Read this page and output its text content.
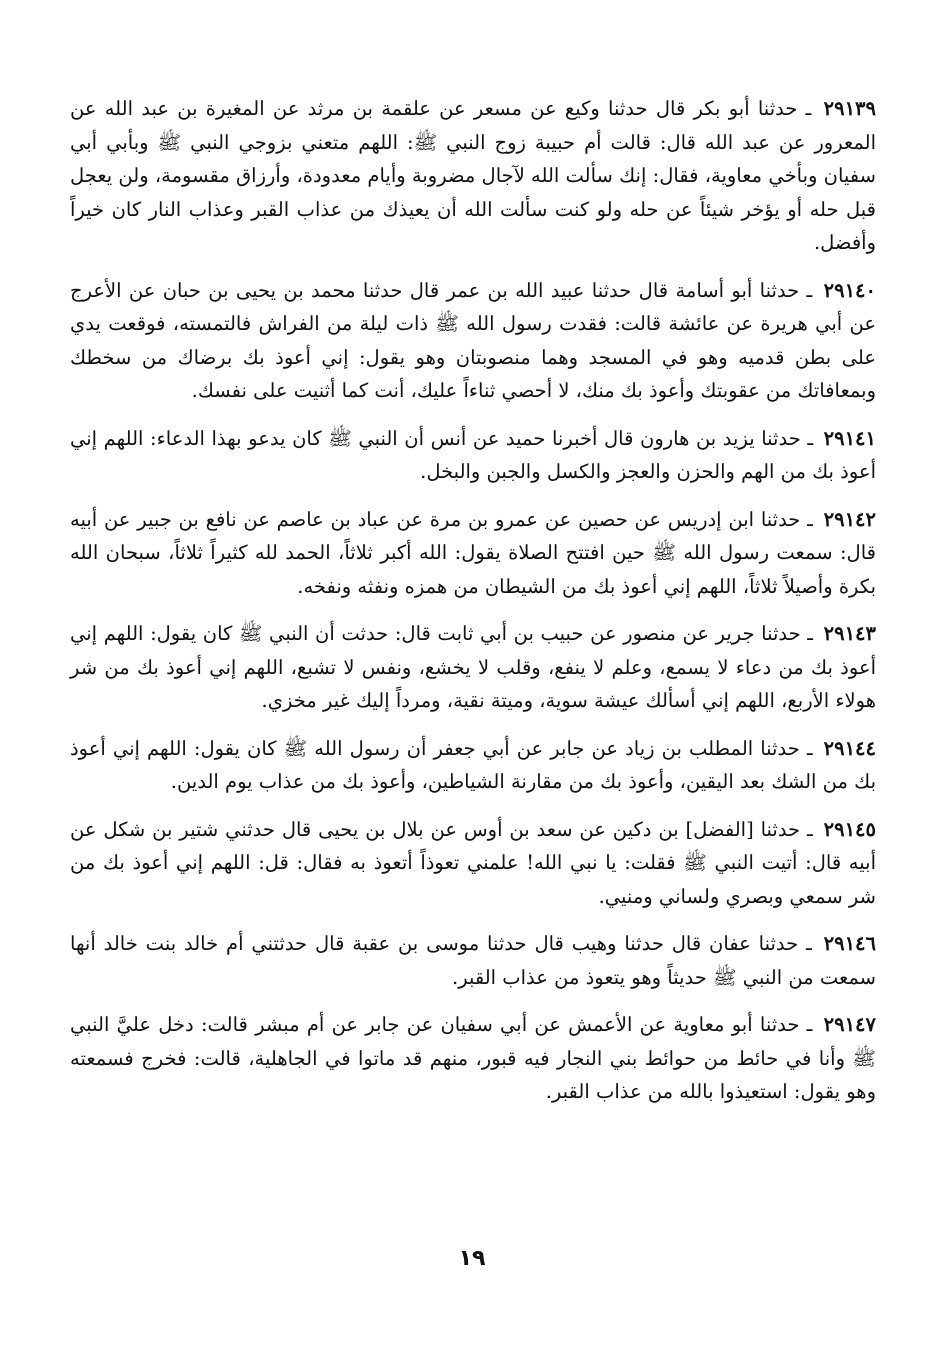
٢٩١٣٩ ـ حدثنا أبو بكر قال حدثنا وكيع عن مسعر عن علقمة بن مرثد عن المغيرة بن عبد الله عن المعرور عن عبد الله قال: قالت أم حبيبة زوج النبي ﷺ: اللهم متعني بزوجي النبي ﷺ وبأبي أبي سفيان وبأخي معاوية، فقال: إنك سألت الله لآجال مضروبة وأيام معدودة، وأرزاق مقسومة، ولن يعجل قبل حله أو يؤخر شيئاً عن حله ولو كنت سألت الله أن يعيذك من عذاب القبر وعذاب النار كان خيراً وأفضل.

٢٩١٤٠ ـ حدثنا أبو أسامة قال حدثنا عبيد الله بن عمر قال حدثنا محمد بن يحيى بن حبان عن الأعرج عن أبي هريرة عن عائشة قالت: فقدت رسول الله ﷺ ذات ليلة من الفراش فالتمسته، فوقعت يدي على بطن قدميه وهو في المسجد وهما منصوبتان وهو يقول: إني أعوذ بك برضاك من سخطك وبمعافاتك من عقوبتك وأعوذ بك منك، لا أحصي ثناءاً عليك، أنت كما أثنيت على نفسك.

٢٩١٤١ ـ حدثنا يزيد بن هارون قال أخبرنا حميد عن أنس أن النبي ﷺ كان يدعو بهذا الدعاء: اللهم إني أعوذ بك من الهم والحزن والعجز والكسل والجبن والبخل.

٢٩١٤٢ ـ حدثنا ابن إدريس عن حصين عن عمرو بن مرة عن عباد بن عاصم عن نافع بن جبير عن أبيه قال: سمعت رسول الله ﷺ حين افتتح الصلاة يقول: الله أكبر ثلاثاً، الحمد لله كثيراً ثلاثاً، سبحان الله بكرة وأصيلاً ثلاثاً، اللهم إني أعوذ بك من الشيطان من همزه ونفثه ونفخه.

٢٩١٤٣ ـ حدثنا جرير عن منصور عن حبيب بن أبي ثابت قال: حدثت أن النبي ﷺ كان يقول: اللهم إني أعوذ بك من دعاء لا يسمع، وعلم لا ينفع، وقلب لا يخشع، ونفس لا تشبع، اللهم إني أعوذ بك من شر هولاء الأربع، اللهم إني أسألك عيشة سوية، وميتة نقية، ومرداً إليك غير مخزي.

٢٩١٤٤ ـ حدثنا المطلب بن زياد عن جابر عن أبي جعفر أن رسول الله ﷺ كان يقول: اللهم إني أعوذ بك من الشك بعد اليقين، وأعوذ بك من مقارنة الشياطين، وأعوذ بك من عذاب يوم الدين.

٢٩١٤٥ ـ حدثنا [الفضل] بن دكين عن سعد بن أوس عن بلال بن يحيى قال حدثني شتير بن شكل عن أبيه قال: أتيت النبي ﷺ فقلت: يا نبي الله! علمني تعوذاً أتعوذ به فقال: قل: اللهم إني أعوذ بك من شر سمعي وبصري ولساني ومنيي.

٢٩١٤٦ ـ حدثنا عفان قال حدثنا وهيب قال حدثنا موسى بن عقبة قال حدثتني أم خالد بنت خالد أنها سمعت من النبي ﷺ حديثاً وهو يتعوذ من عذاب القبر.

٢٩١٤٧ ـ حدثنا أبو معاوية عن الأعمش عن أبي سفيان عن جابر عن أم مبشر قالت: دخل عليَّ النبي ﷺ وأنا في حائط من حوائط بني النجار فيه قبور، منهم قد ماتوا في الجاهلية، قالت: فخرج فسمعته وهو يقول: استعيذوا بالله من عذاب القبر.

١٩
